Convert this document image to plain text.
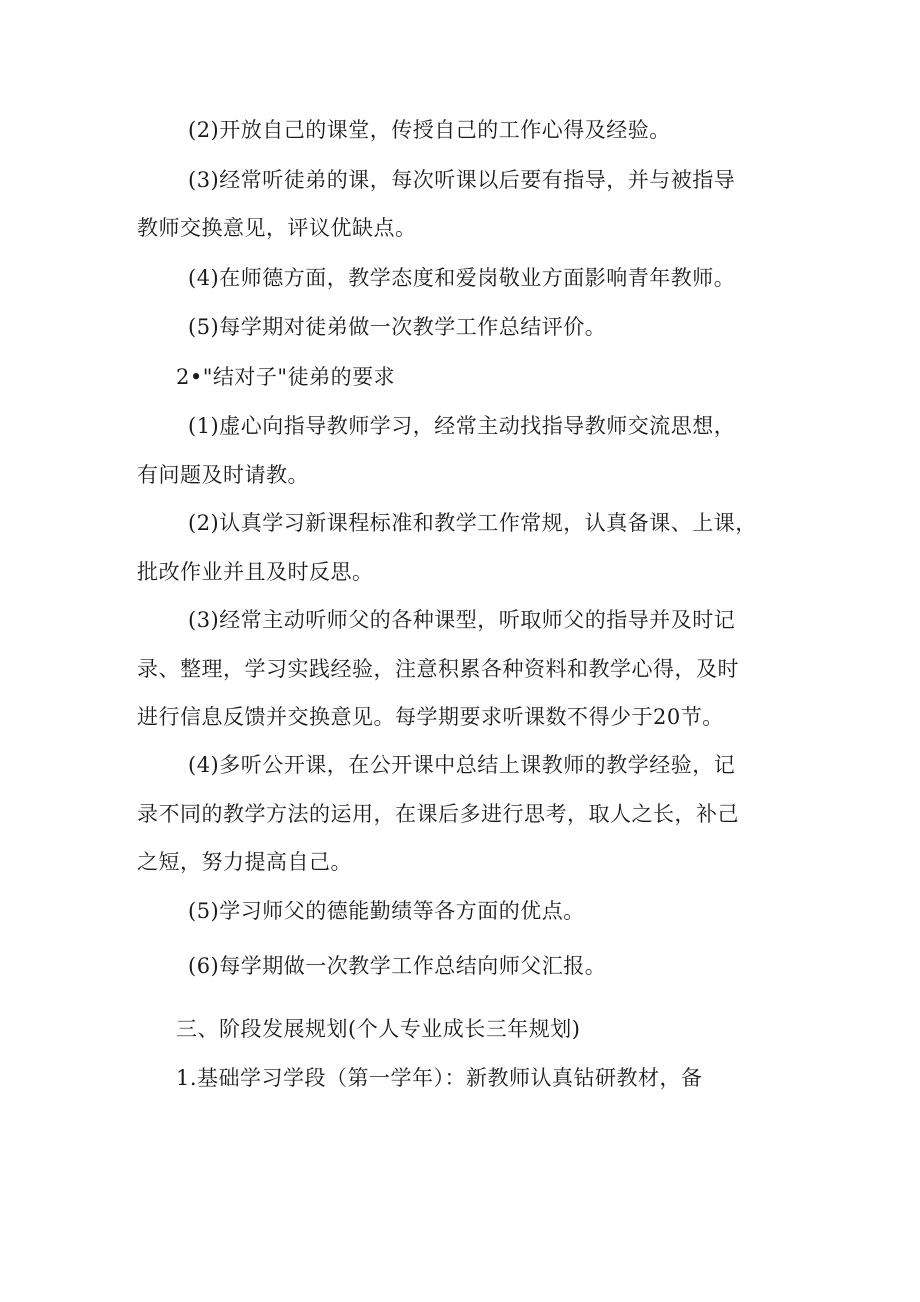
(2)开放自己的课堂，传授自己的工作心得及经验。
(3)经常听徒弟的课，每次听课以后要有指导，并与被指导
教师交换意见，评议优缺点。
(4)在师德方面，教学态度和爱岗敬业方面影响青年教师。
(5)每学期对徒弟做一次教学工作总结评价。
2•"结对子"徒弟的要求
(1)虚心向指导教师学习，经常主动找指导教师交流思想，
有问题及时请教。
(2)认真学习新课程标准和教学工作常规，认真备课、上课，
批改作业并且及时反思。
(3)经常主动听师父的各种课型，听取师父的指导并及时记
录、整理，学习实践经验，注意积累各种资料和教学心得，及时
进行信息反馈并交换意见。每学期要求听课数不得少于20节。
(4)多听公开课，在公开课中总结上课教师的教学经验，记
录不同的教学方法的运用，在课后多进行思考，取人之长，补己
之短，努力提高自己。
(5)学习师父的德能勤绩等各方面的优点。
(6)每学期做一次教学工作总结向师父汇报。
三、阶段发展规划(个人专业成长三年规划)
1.基础学习学段（第一学年）：新教师认真钻研教材，备
